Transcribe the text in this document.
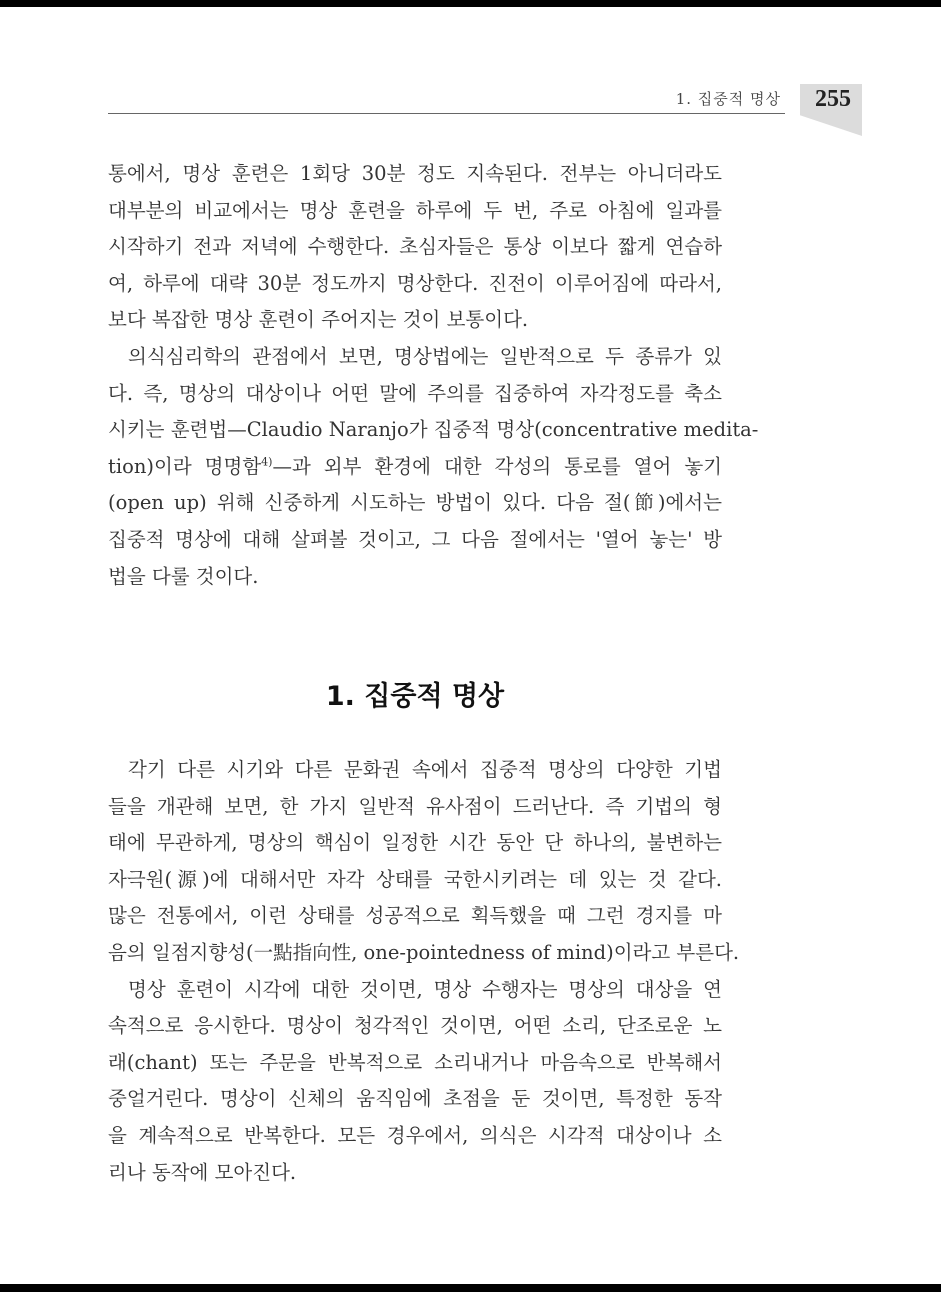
1. 집중적 명상	255

통에서, 명상 훈련은 1회당 30분 정도 지속된다. 전부는 아니더라도
대부분의 비교에서는 명상 훈련을 하루에 두 번, 주로 아침에 일과를
시작하기 전과 저녁에 수행한다. 초심자들은 통상 이보다 짧게 연습하
여, 하루에 대략 30분 정도까지 명상한다. 진전이 이루어짐에 따라서,
보다 복잡한 명상 훈련이 주어지는 것이 보통이다.

의식심리학의 관점에서 보면, 명상법에는 일반적으로 두 종류가 있
다. 즉, 명상의 대상이나 어떤 말에 주의를 집중하여 자각정도를 축소
시키는 훈련법—Claudio Naranjo가 집중적 명상(concentrative medita-
tion)이라 명명함$^{4)}$—과 외부 환경에 대한 각성의 통로를 열어 놓기
(open up) 위해 신중하게 시도하는 방법이 있다. 다음 절(節)에서는
집중적 명상에 대해 살펴볼 것이고, 그 다음 절에서는 '열어 놓는' 방
법을 다룰 것이다.

1. 집중적 명상

각기 다른 시기와 다른 문화권 속에서 집중적 명상의 다양한 기법
들을 개관해 보면, 한 가지 일반적 유사점이 드러난다. 즉 기법의 형
태에 무관하게, 명상의 핵심이 일정한 시간 동안 단 하나의, 불변하는
자극원(源)에 대해서만 자각 상태를 국한시키려는 데 있는 것 같다.
많은 전통에서, 이런 상태를 성공적으로 획득했을 때 그런 경지를 마
음의 일점지향성(一點指向性, one-pointedness of mind)이라고 부른다.

명상 훈련이 시각에 대한 것이면, 명상 수행자는 명상의 대상을 연
속적으로 응시한다. 명상이 청각적인 것이면, 어떤 소리, 단조로운 노
래(chant) 또는 주문을 반복적으로 소리내거나 마음속으로 반복해서
중얼거린다. 명상이 신체의 움직임에 초점을 둔 것이면, 특정한 동작
을 계속적으로 반복한다. 모든 경우에서, 의식은 시각적 대상이나 소
리나 동작에 모아진다.
